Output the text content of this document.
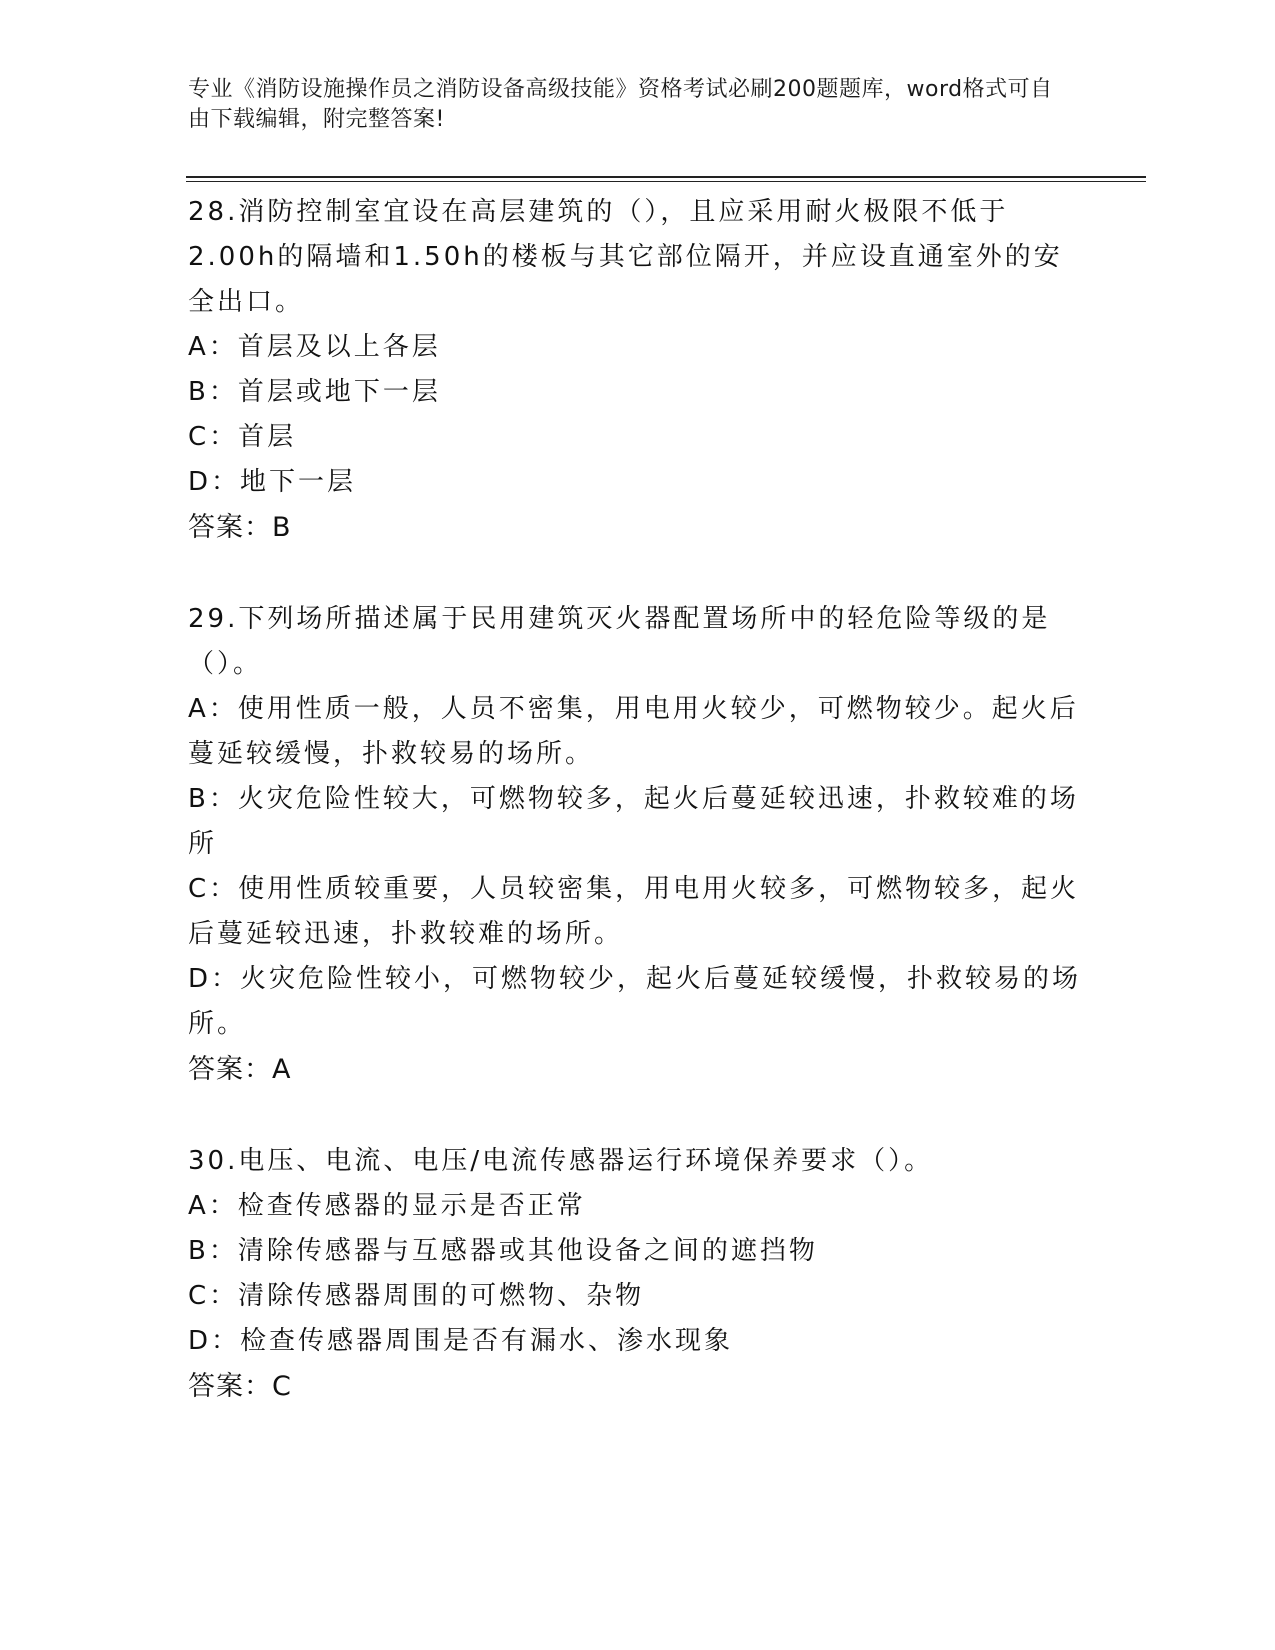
专业《消防设施操作员之消防设备高级技能》资格考试必刷200题题库，word格式可自由下载编辑，附完整答案!
28.消防控制室宜设在高层建筑的（），且应采用耐火极限不低于2.00h的隔墙和1.50h的楼板与其它部位隔开，并应设直通室外的安全出口。
A：首层及以上各层
B：首层或地下一层
C：首层
D：地下一层
答案：B
29.下列场所描述属于民用建筑灭火器配置场所中的轻危险等级的是（）。
A：使用性质一般，人员不密集，用电用火较少，可燃物较少。起火后蔓延较缓慢，扑救较易的场所。
B：火灾危险性较大，可燃物较多，起火后蔓延较迅速，扑救较难的场所
C：使用性质较重要，人员较密集，用电用火较多，可燃物较多，起火后蔓延较迅速，扑救较难的场所。
D：火灾危险性较小，可燃物较少，起火后蔓延较缓慢，扑救较易的场所。
答案：A
30.电压、电流、电压/电流传感器运行环境保养要求（）。
A：检查传感器的显示是否正常
B：清除传感器与互感器或其他设备之间的遮挡物
C：清除传感器周围的可燃物、杂物
D：检查传感器周围是否有漏水、渗水现象
答案：C
